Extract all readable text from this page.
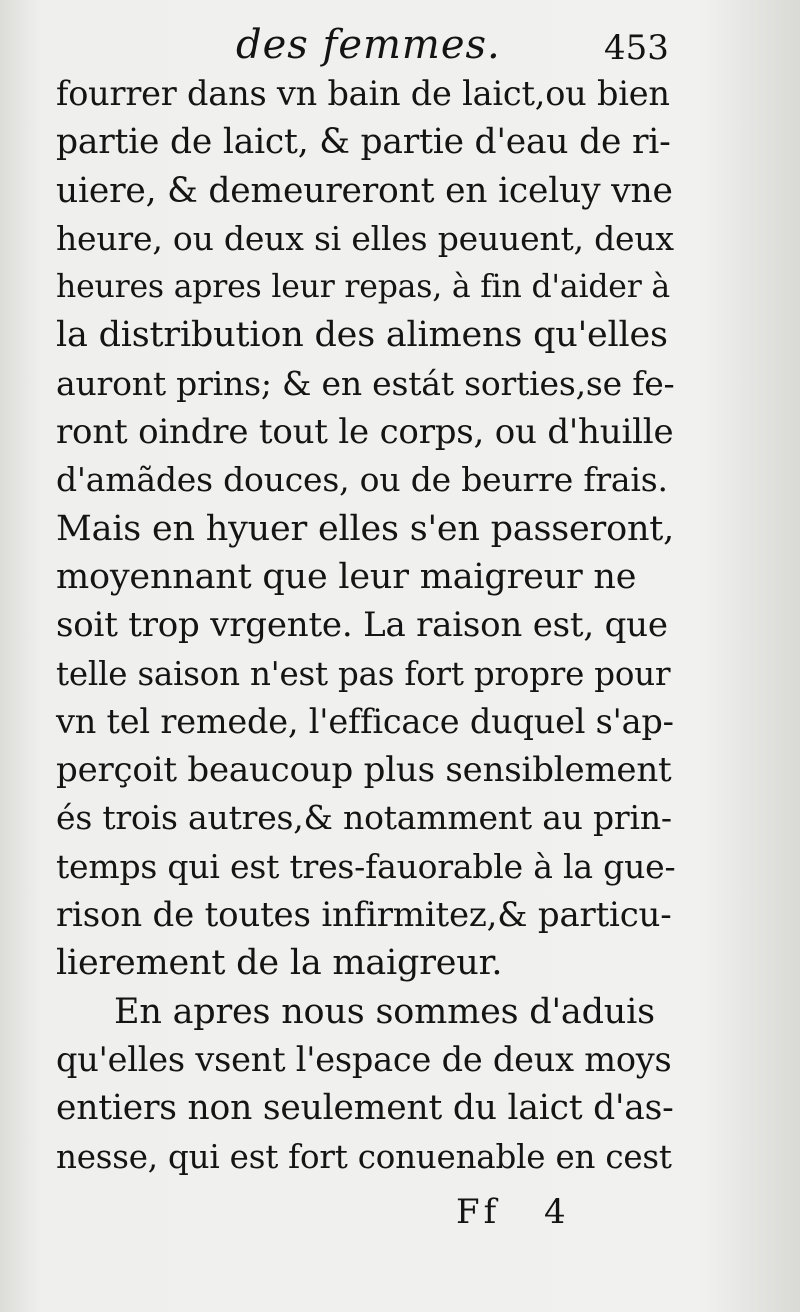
des femmes.	453
fourrer dans vn bain de laict,ou bien
partie de laict, & partie d'eau de ri-
uiere, & demeureront en iceluy vne
heure, ou deux si elles peuuent, deux
heures apres leur repas, à fin d'aider à
la distribution des alimens qu'elles
auront prins; & en estát sorties,se fe-
ront oindre tout le corps, ou d'huille
d'amãdes douces, ou de beurre frais.
Mais en hyuer elles s'en passeront,
moyennant que leur maigreur ne
soit trop vrgente. La raison est, que
telle saison n'est pas fort propre pour
vn tel remede, l'efficace duquel s'ap-
perçoit beaucoup plus sensiblement
és trois autres,& notamment au prin-
temps qui est tres-fauorable à la gue-
rison de toutes infirmitez,& particu-
lierement de la maigreur.
En apres nous sommes d'aduis
qu'elles vsent l'espace de deux moys
entiers non seulement du laict d'as-
nesse, qui est fort conuenable en cest
Ff 4
